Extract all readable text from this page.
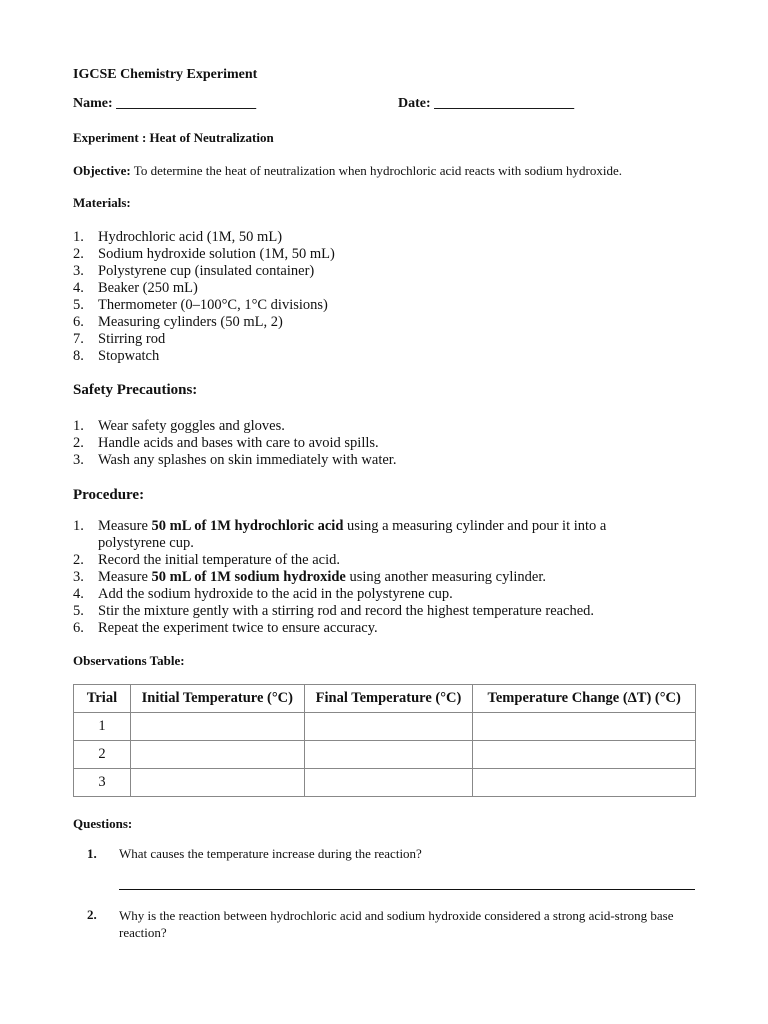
IGCSE Chemistry Experiment
Name: ____________________	Date: ____________________
Experiment : Heat of Neutralization
Objective: To determine the heat of neutralization when hydrochloric acid reacts with sodium hydroxide.
Materials:
1. Hydrochloric acid (1M, 50 mL)
2. Sodium hydroxide solution (1M, 50 mL)
3. Polystyrene cup (insulated container)
4. Beaker (250 mL)
5. Thermometer (0–100°C, 1°C divisions)
6. Measuring cylinders (50 mL, 2)
7. Stirring rod
8. Stopwatch
Safety Precautions:
1. Wear safety goggles and gloves.
2. Handle acids and bases with care to avoid spills.
3. Wash any splashes on skin immediately with water.
Procedure:
1. Measure 50 mL of 1M hydrochloric acid using a measuring cylinder and pour it into a polystyrene cup.
2. Record the initial temperature of the acid.
3. Measure 50 mL of 1M sodium hydroxide using another measuring cylinder.
4. Add the sodium hydroxide to the acid in the polystyrene cup.
5. Stir the mixture gently with a stirring rod and record the highest temperature reached.
6. Repeat the experiment twice to ensure accuracy.
Observations Table:
Trial	Initial Temperature (°C)	Final Temperature (°C)	Temperature Change (ΔT) (°C)
1			
2			
3			
Questions:
1. What causes the temperature increase during the reaction?
2. Why is the reaction between hydrochloric acid and sodium hydroxide considered a strong acid-strong base reaction?
